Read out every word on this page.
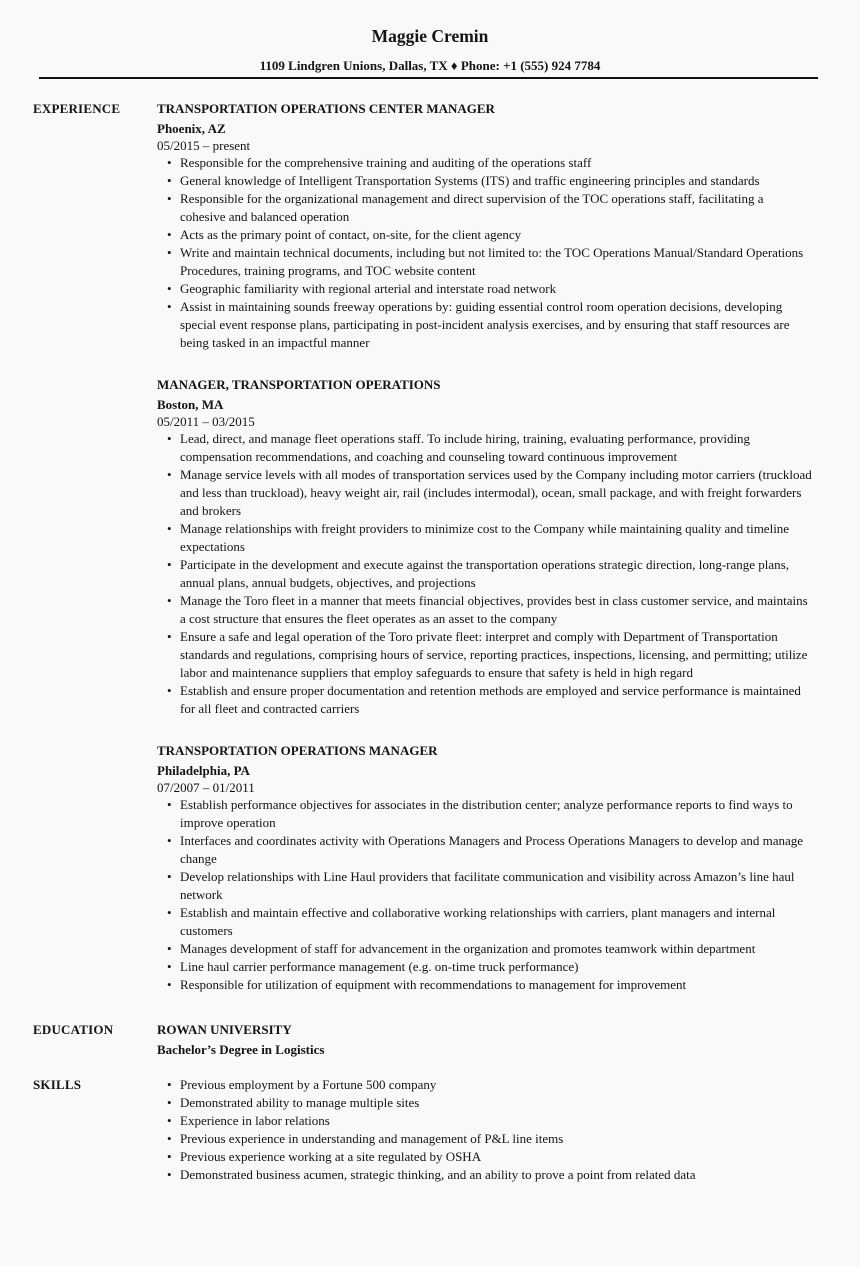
Maggie Cremin
1109 Lindgren Unions, Dallas, TX ♦ Phone: +1 (555) 924 7784
EXPERIENCE	TRANSPORTATION OPERATIONS CENTER MANAGER
Phoenix, AZ
05/2015 – present
• Responsible for the comprehensive training and auditing of the operations staff
• General knowledge of Intelligent Transportation Systems (ITS) and traffic engineering principles and standards
• Responsible for the organizational management and direct supervision of the TOC operations staff, facilitating a cohesive and balanced operation
• Acts as the primary point of contact, on-site, for the client agency
• Write and maintain technical documents, including but not limited to: the TOC Operations Manual/Standard Operations Procedures, training programs, and TOC website content
• Geographic familiarity with regional arterial and interstate road network
• Assist in maintaining sounds freeway operations by: guiding essential control room operation decisions, developing special event response plans, participating in post-incident analysis exercises, and by ensuring that staff resources are being tasked in an impactful manner
MANAGER, TRANSPORTATION OPERATIONS
Boston, MA
05/2011 – 03/2015
• Lead, direct, and manage fleet operations staff. To include hiring, training, evaluating performance, providing compensation recommendations, and coaching and counseling toward continuous improvement
• Manage service levels with all modes of transportation services used by the Company including motor carriers (truckload and less than truckload), heavy weight air, rail (includes intermodal), ocean, small package, and with freight forwarders and brokers
• Manage relationships with freight providers to minimize cost to the Company while maintaining quality and timeline expectations
• Participate in the development and execute against the transportation operations strategic direction, long-range plans, annual plans, annual budgets, objectives, and projections
• Manage the Toro fleet in a manner that meets financial objectives, provides best in class customer service, and maintains a cost structure that ensures the fleet operates as an asset to the company
• Ensure a safe and legal operation of the Toro private fleet: interpret and comply with Department of Transportation standards and regulations, comprising hours of service, reporting practices, inspections, licensing, and permitting; utilize labor and maintenance suppliers that employ safeguards to ensure that safety is held in high regard
• Establish and ensure proper documentation and retention methods are employed and service performance is maintained for all fleet and contracted carriers
TRANSPORTATION OPERATIONS MANAGER
Philadelphia, PA
07/2007 – 01/2011
• Establish performance objectives for associates in the distribution center; analyze performance reports to find ways to improve operation
• Interfaces and coordinates activity with Operations Managers and Process Operations Managers to develop and manage change
• Develop relationships with Line Haul providers that facilitate communication and visibility across Amazon’s line haul network
• Establish and maintain effective and collaborative working relationships with carriers, plant managers and internal customers
• Manages development of staff for advancement in the organization and promotes teamwork within department
• Line haul carrier performance management (e.g. on-time truck performance)
• Responsible for utilization of equipment with recommendations to management for improvement
EDUCATION	ROWAN UNIVERSITY
Bachelor’s Degree in Logistics
SKILLS	• Previous employment by a Fortune 500 company
• Demonstrated ability to manage multiple sites
• Experience in labor relations
• Previous experience in understanding and management of P&L line items
• Previous experience working at a site regulated by OSHA
• Demonstrated business acumen, strategic thinking, and an ability to prove a point from related data
